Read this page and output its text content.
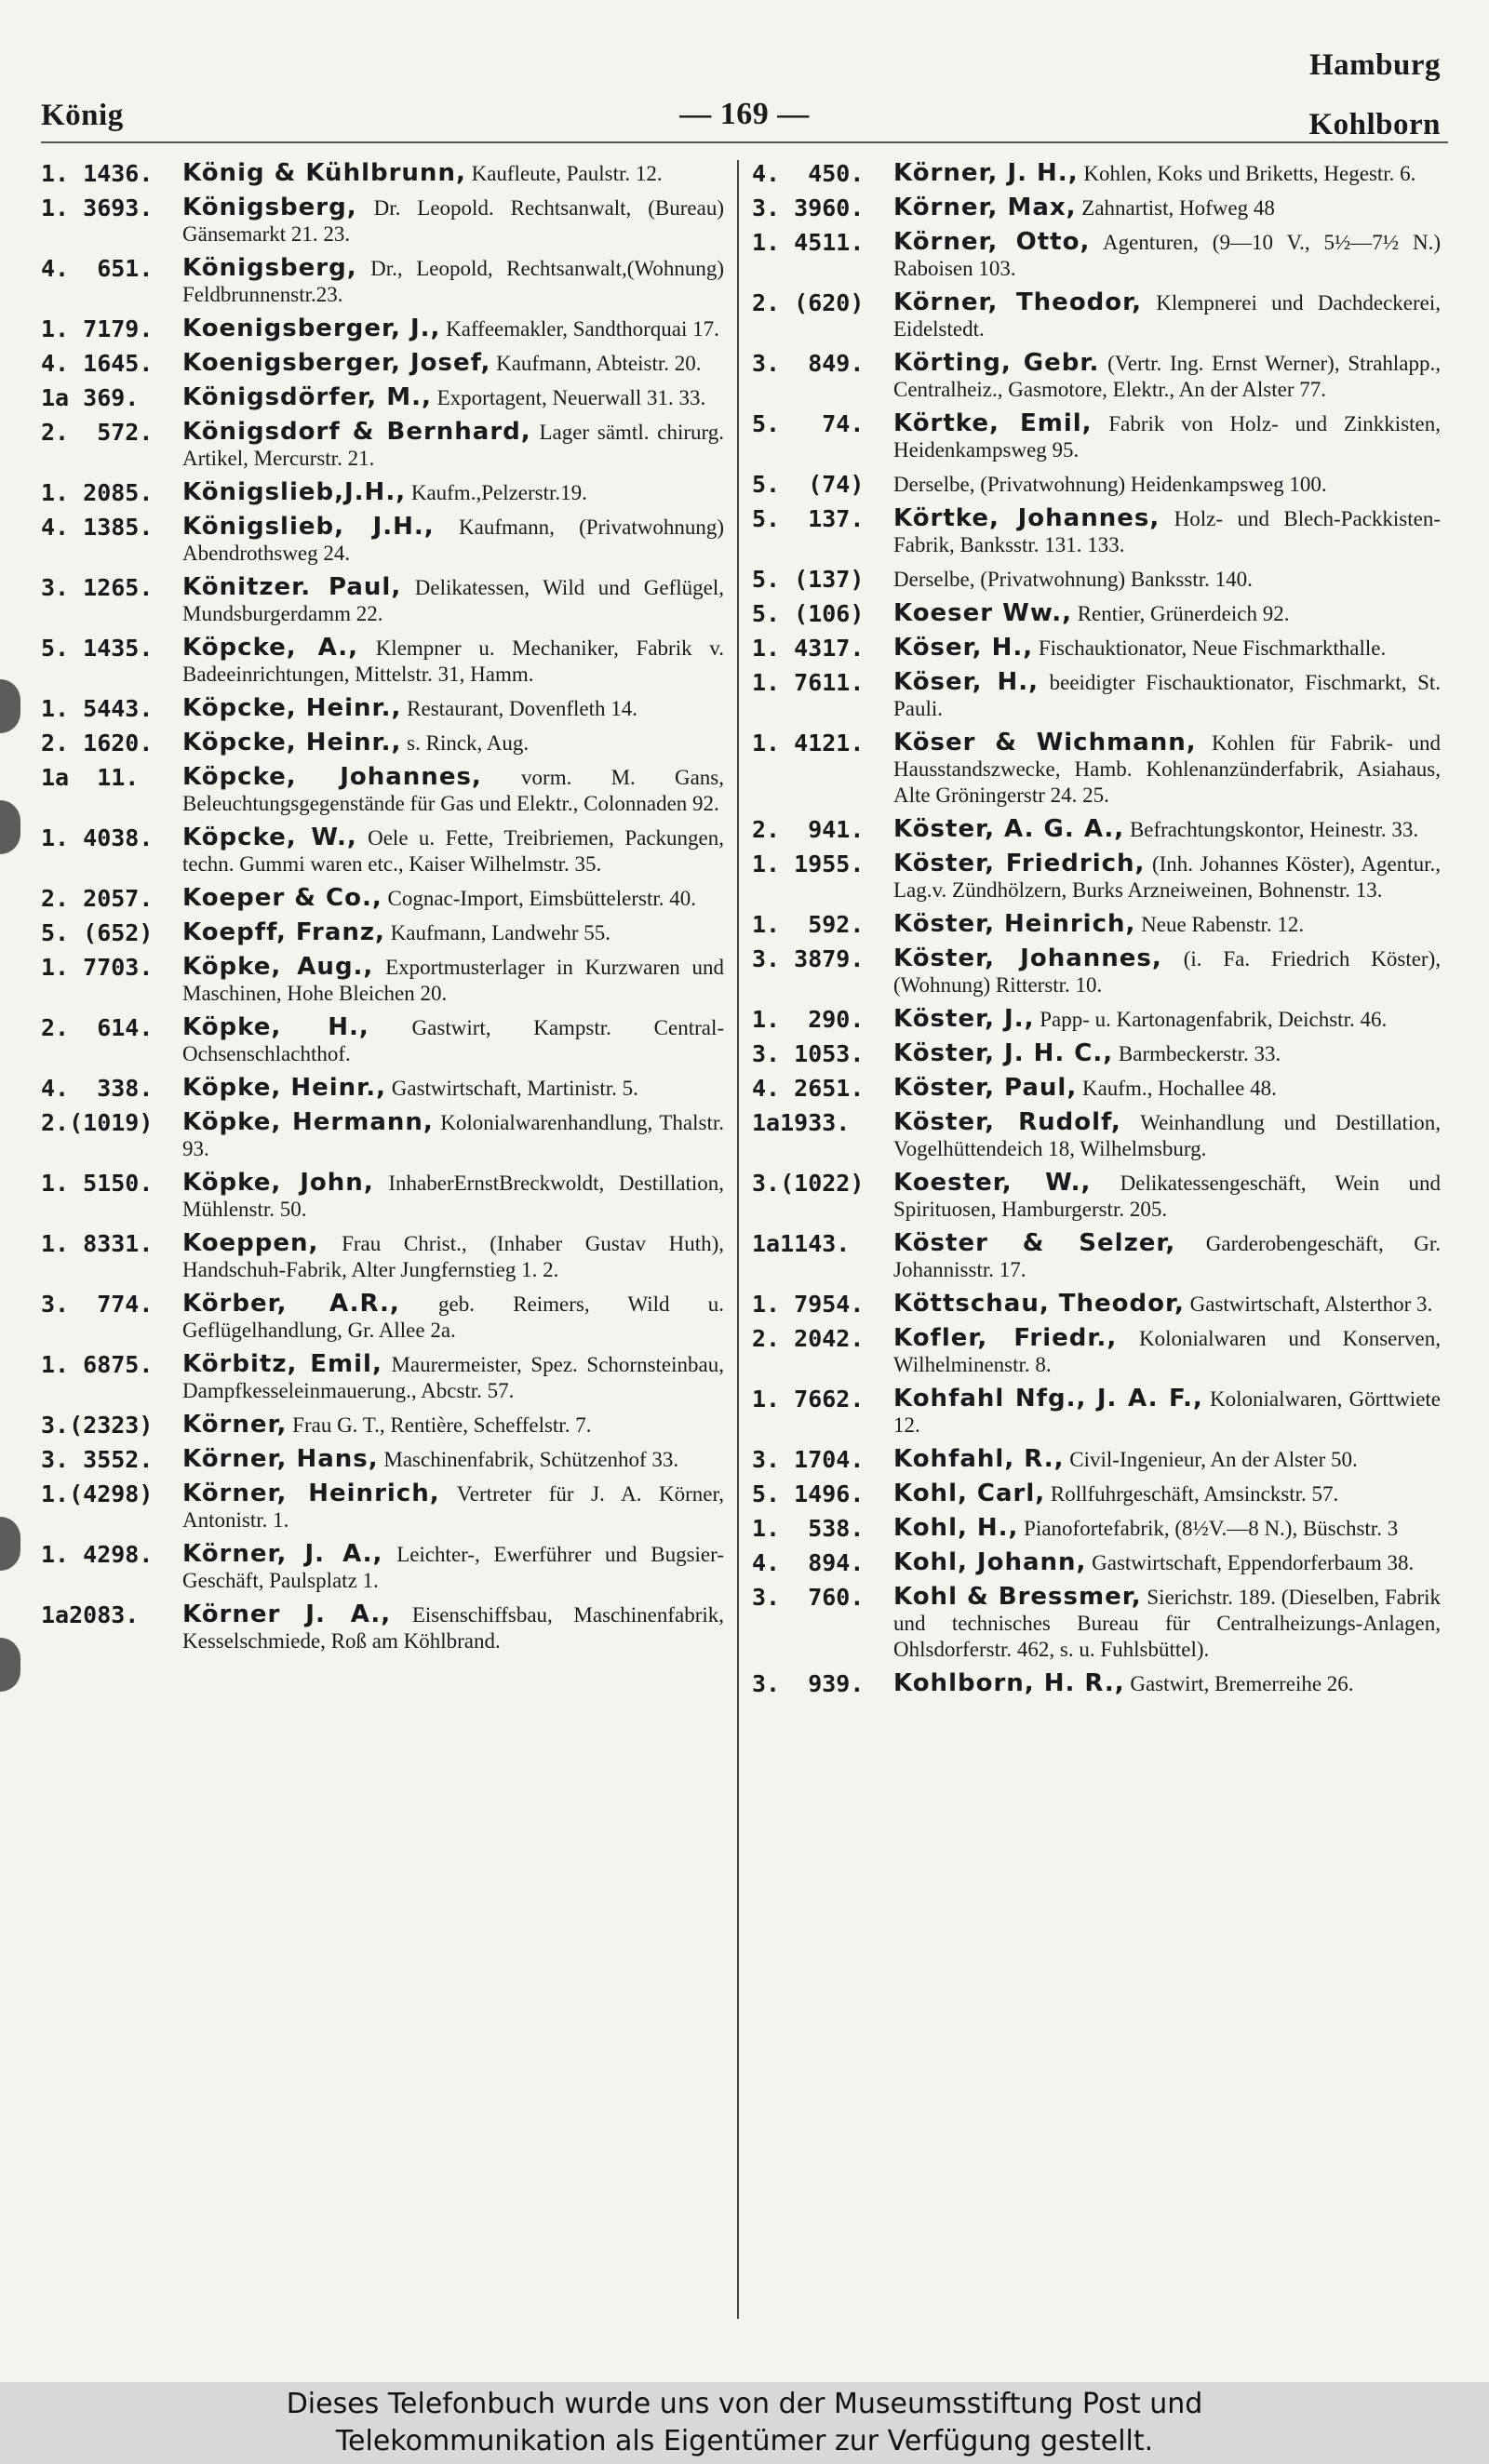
Hamburg
König	— 169 —	Kohlborn
1. 1436.	König & Kühlbrunn, Kaufleute, Paulstr. 12.
1. 3693.	Königsberg, Dr. Leopold. Rechtsanwalt, (Bureau) Gänsemarkt 21. 23.
4.  651.	Königsberg, Dr., Leopold, Rechtsanwalt,(Wohnung) Feldbrunnenstr.23.
1. 7179.	Koenigsberger, J., Kaffeemakler, Sandthorquai 17.
4. 1645.	Koenigsberger, Josef, Kaufmann, Abteistr. 20.
1a 369.	Königsdörfer, M., Exportagent, Neuerwall 31. 33.
2.  572.	Königsdorf & Bernhard, Lager sämtl. chirurg. Artikel, Mercurstr. 21.
1. 2085.	Königslieb,J.H., Kaufm.,Pelzerstr.19.
4. 1385.	Königslieb, J.H., Kaufmann, (Privatwohnung) Abendrothsweg 24.
3. 1265.	Könitzer. Paul, Delikatessen, Wild und Geflügel, Mundsburgerdamm 22.
5. 1435.	Köpcke, A., Klempner u. Mechaniker, Fabrik v. Badeeinrichtungen, Mittelstr. 31, Hamm.
1. 5443.	Köpcke, Heinr., Restaurant, Dovenfleth 14.
2. 1620.	Köpcke, Heinr., s. Rinck, Aug.
1a  11.	Köpcke, Johannes, vorm. M. Gans, Beleuchtungsgegenstände für Gas und Elektr., Colonnaden 92.
1. 4038.	Köpcke, W., Oele u. Fette, Treibriemen, Packungen, techn. Gummi waren etc., Kaiser Wilhelmstr. 35.
2. 2057.	Koeper & Co., Cognac-Import, Eimsbüttelerstr. 40.
5. (652)	Koepff, Franz, Kaufmann, Landwehr 55.
1. 7703.	Köpke, Aug., Exportmusterlager in Kurzwaren und Maschinen, Hohe Bleichen 20.
2.  614.	Köpke, H., Gastwirt, Kampstr. Central-Ochsenschlachthof.
4.  338.	Köpke, Heinr., Gastwirtschaft, Martinistr. 5.
2.(1019)	Köpke, Hermann, Kolonialwarenhandlung, Thalstr. 93.
1. 5150.	Köpke, John, InhaberErnstBreckwoldt, Destillation, Mühlenstr. 50.
1. 8331.	Koeppen, Frau Christ., (Inhaber Gustav Huth), Handschuh-Fabrik, Alter Jungfernstieg 1. 2.
3.  774.	Körber, A.R., geb. Reimers, Wild u. Geflügelhandlung, Gr. Allee 2a.
1. 6875.	Körbitz, Emil, Maurermeister, Spez. Schornsteinbau, Dampfkesseleinmauerung., Abcstr. 57.
3.(2323)	Körner, Frau G. T., Rentière, Scheffelstr. 7.
3. 3552.	Körner, Hans, Maschinenfabrik, Schützenhof 33.
1.(4298)	Körner, Heinrich, Vertreter für J. A. Körner, Antonistr. 1.
1. 4298.	Körner, J. A., Leichter-, Ewerführer und Bugsier-Geschäft, Paulsplatz 1.
1a2083.	Körner J. A., Eisenschiffsbau, Maschinenfabrik, Kesselschmiede, Roß am Köhlbrand.
4.  450.	Körner, J. H., Kohlen, Koks und Briketts, Hegestr. 6.
3. 3960.	Körner, Max, Zahnartist, Hofweg 48
1. 4511.	Körner, Otto, Agenturen, (9—10 V., 5½—7½ N.) Raboisen 103.
2. (620)	Körner, Theodor, Klempnerei und Dachdeckerei, Eidelstedt.
3.  849.	Körting, Gebr. (Vertr. Ing. Ernst Werner), Strahlapp., Centralheiz., Gasmotore, Elektr., An der Alster 77.
5.   74.	Körtke, Emil, Fabrik von Holz- und Zinkkisten, Heidenkampsweg 95.
5.  (74)	Derselbe, (Privatwohnung) Heidenkampsweg 100.
5.  137.	Körtke, Johannes, Holz- und Blech-Packkisten-Fabrik, Banksstr. 131. 133.
5. (137)	Derselbe, (Privatwohnung) Banksstr. 140.
5. (106)	Koeser Ww., Rentier, Grünerdeich 92.
1. 4317.	Köser, H., Fischauktionator, Neue Fischmarkthalle.
1. 7611.	Köser, H., beeidigter Fischauktionator, Fischmarkt, St. Pauli.
1. 4121.	Köser & Wichmann, Kohlen für Fabrik- und Hausstandszwecke, Hamb. Kohlenanzünderfabrik, Asiahaus, Alte Gröningerstr 24. 25.
2.  941.	Köster, A. G. A., Befrachtungskontor, Heinestr. 33.
1. 1955.	Köster, Friedrich, (Inh. Johannes Köster), Agentur., Lag.v. Zündhölzern, Burks Arzneiweinen, Bohnenstr. 13.
1.  592.	Köster, Heinrich, Neue Rabenstr. 12.
3. 3879.	Köster, Johannes, (i. Fa. Friedrich Köster), (Wohnung) Ritterstr. 10.
1.  290.	Köster, J., Papp- u. Kartonagenfabrik, Deichstr. 46.
3. 1053.	Köster, J. H. C., Barmbeckerstr. 33.
4. 2651.	Köster, Paul, Kaufm., Hochallee 48.
1a1933.	Köster, Rudolf, Weinhandlung und Destillation, Vogelhüttendeich 18, Wilhelmsburg.
3.(1022)	Koester, W., Delikatessengeschäft, Wein und Spirituosen, Hamburgerstr. 205.
1a1143.	Köster & Selzer, Garderobengeschäft, Gr. Johannisstr. 17.
1. 7954.	Köttschau, Theodor, Gastwirtschaft, Alsterthor 3.
2. 2042.	Kofler, Friedr., Kolonialwaren und Konserven, Wilhelminenstr. 8.
1. 7662.	Kohfahl Nfg., J. A. F., Kolonialwaren, Görttwiete 12.
3. 1704.	Kohfahl, R., Civil-Ingenieur, An der Alster 50.
5. 1496.	Kohl, Carl, Rollfuhrgeschäft, Amsinckstr. 57.
1.  538.	Kohl, H., Pianofortefabrik, (8½V.—8 N.), Büschstr. 3
4.  894.	Kohl, Johann, Gastwirtschaft, Eppendorferbaum 38.
3.  760.	Kohl & Bressmer, Sierichstr. 189. (Dieselben, Fabrik und technisches Bureau für Centralheizungs-Anlagen, Ohlsdorferstr. 462, s. u. Fuhlsbüttel).
3.  939.	Kohlborn, H. R., Gastwirt, Bremerreihe 26.
Dieses Telefonbuch wurde uns von der Museumsstiftung Post und
Telekommunikation als Eigentümer zur Verfügung gestellt.
